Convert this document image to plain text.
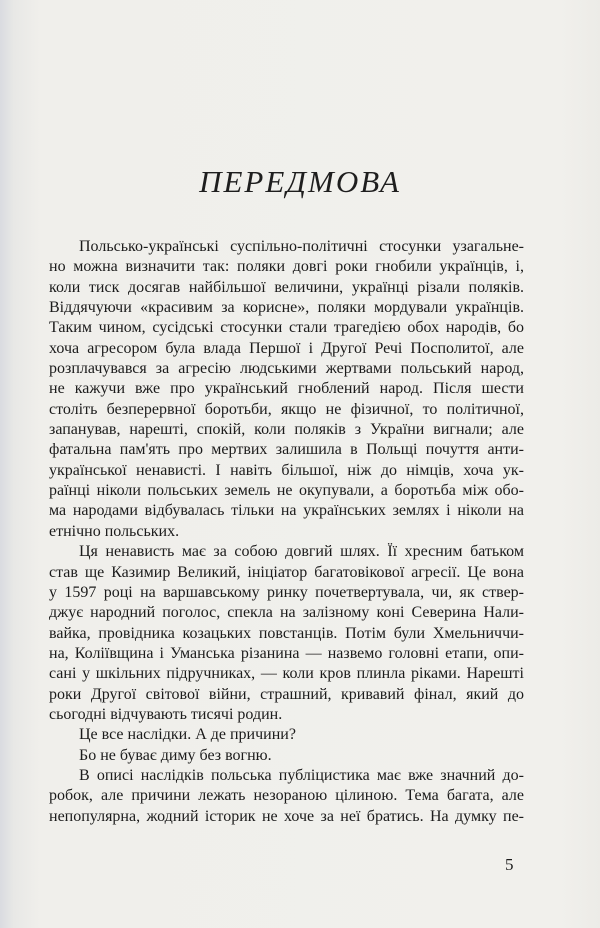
ПЕРЕДМОВА

Польсько-українські суспільно-політичні стосунки узагальне-
но можна визначити так: поляки довгі роки гнобили українців, і,
коли тиск досягав найбільшої величини, українці різали поляків.
Віддячуючи «красивим за корисне», поляки мордували українців.
Таким чином, сусідські стосунки стали трагедією обох народів, бо
хоча агресором була влада Першої і Другої Речі Посполитої, але
розплачувався за агресію людськими жертвами польський народ,
не кажучи вже про український гноблений народ. Після шести
століть безперервної боротьби, якщо не фізичної, то політичної,
запанував, нарешті, спокій, коли поляків з України вигнали; але
фатальна пам'ять про мертвих залишила в Польщі почуття анти-
української ненависті. І навіть більшої, ніж до німців, хоча ук-
раїнці ніколи польських земель не окупували, а боротьба між обо-
ма народами відбувалась тільки на українських землях і ніколи на
етнічно польських.

Ця ненависть має за собою довгий шлях. Її хресним батьком
став ще Казимир Великий, ініціатор багатовікової агресії. Це вона
у 1597 році на варшавському ринку почетвертувала, чи, як ствер-
джує народний поголос, спекла на залізному коні Северина Нали-
вайка, провідника козацьких повстанців. Потім були Хмельниччи-
на, Коліївщина і Уманська різанина — назвемо головні етапи, опи-
сані у шкільних підручниках, — коли кров плинла ріками. Нарешті
роки Другої світової війни, страшний, кривавий фінал, який до
сьогодні відчувають тисячі родин.

Це все наслідки. А де причини?

Бо не буває диму без вогню.

В описі наслідків польська публіцистика має вже значний до-
робок, але причини лежать незораною цілиною. Тема багата, але
непопулярна, жодний історик не хоче за неї братись. На думку пе-

5
